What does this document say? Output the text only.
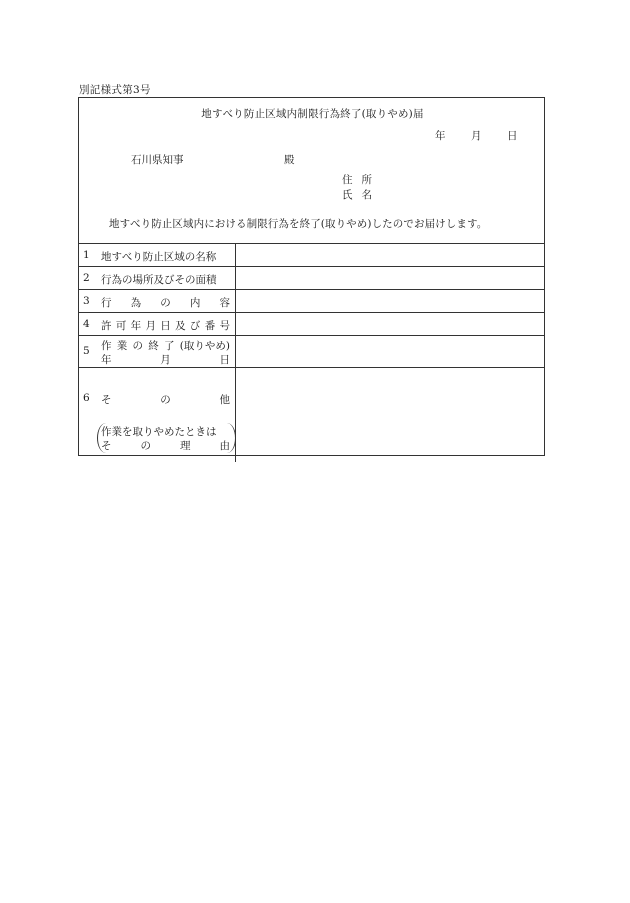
別記様式第3号
地すべり防止区域内制限行為終了(取りやめ)届
年 月 日
石川県知事	殿
住所
氏名
地すべり防止区域内における制限行為を終了(取りやめ)したのでお届けします。
1 地すべり防止区域の名称
2 行為の場所及びその面積
3 行 為 の 内 容
4 許 可 年 月 日 及 び 番 号
5 作 業 の 終 了 (取りやめ)
年	月	日
6 そ	の	他
作業を取りやめたときは
そ	の	理	由
